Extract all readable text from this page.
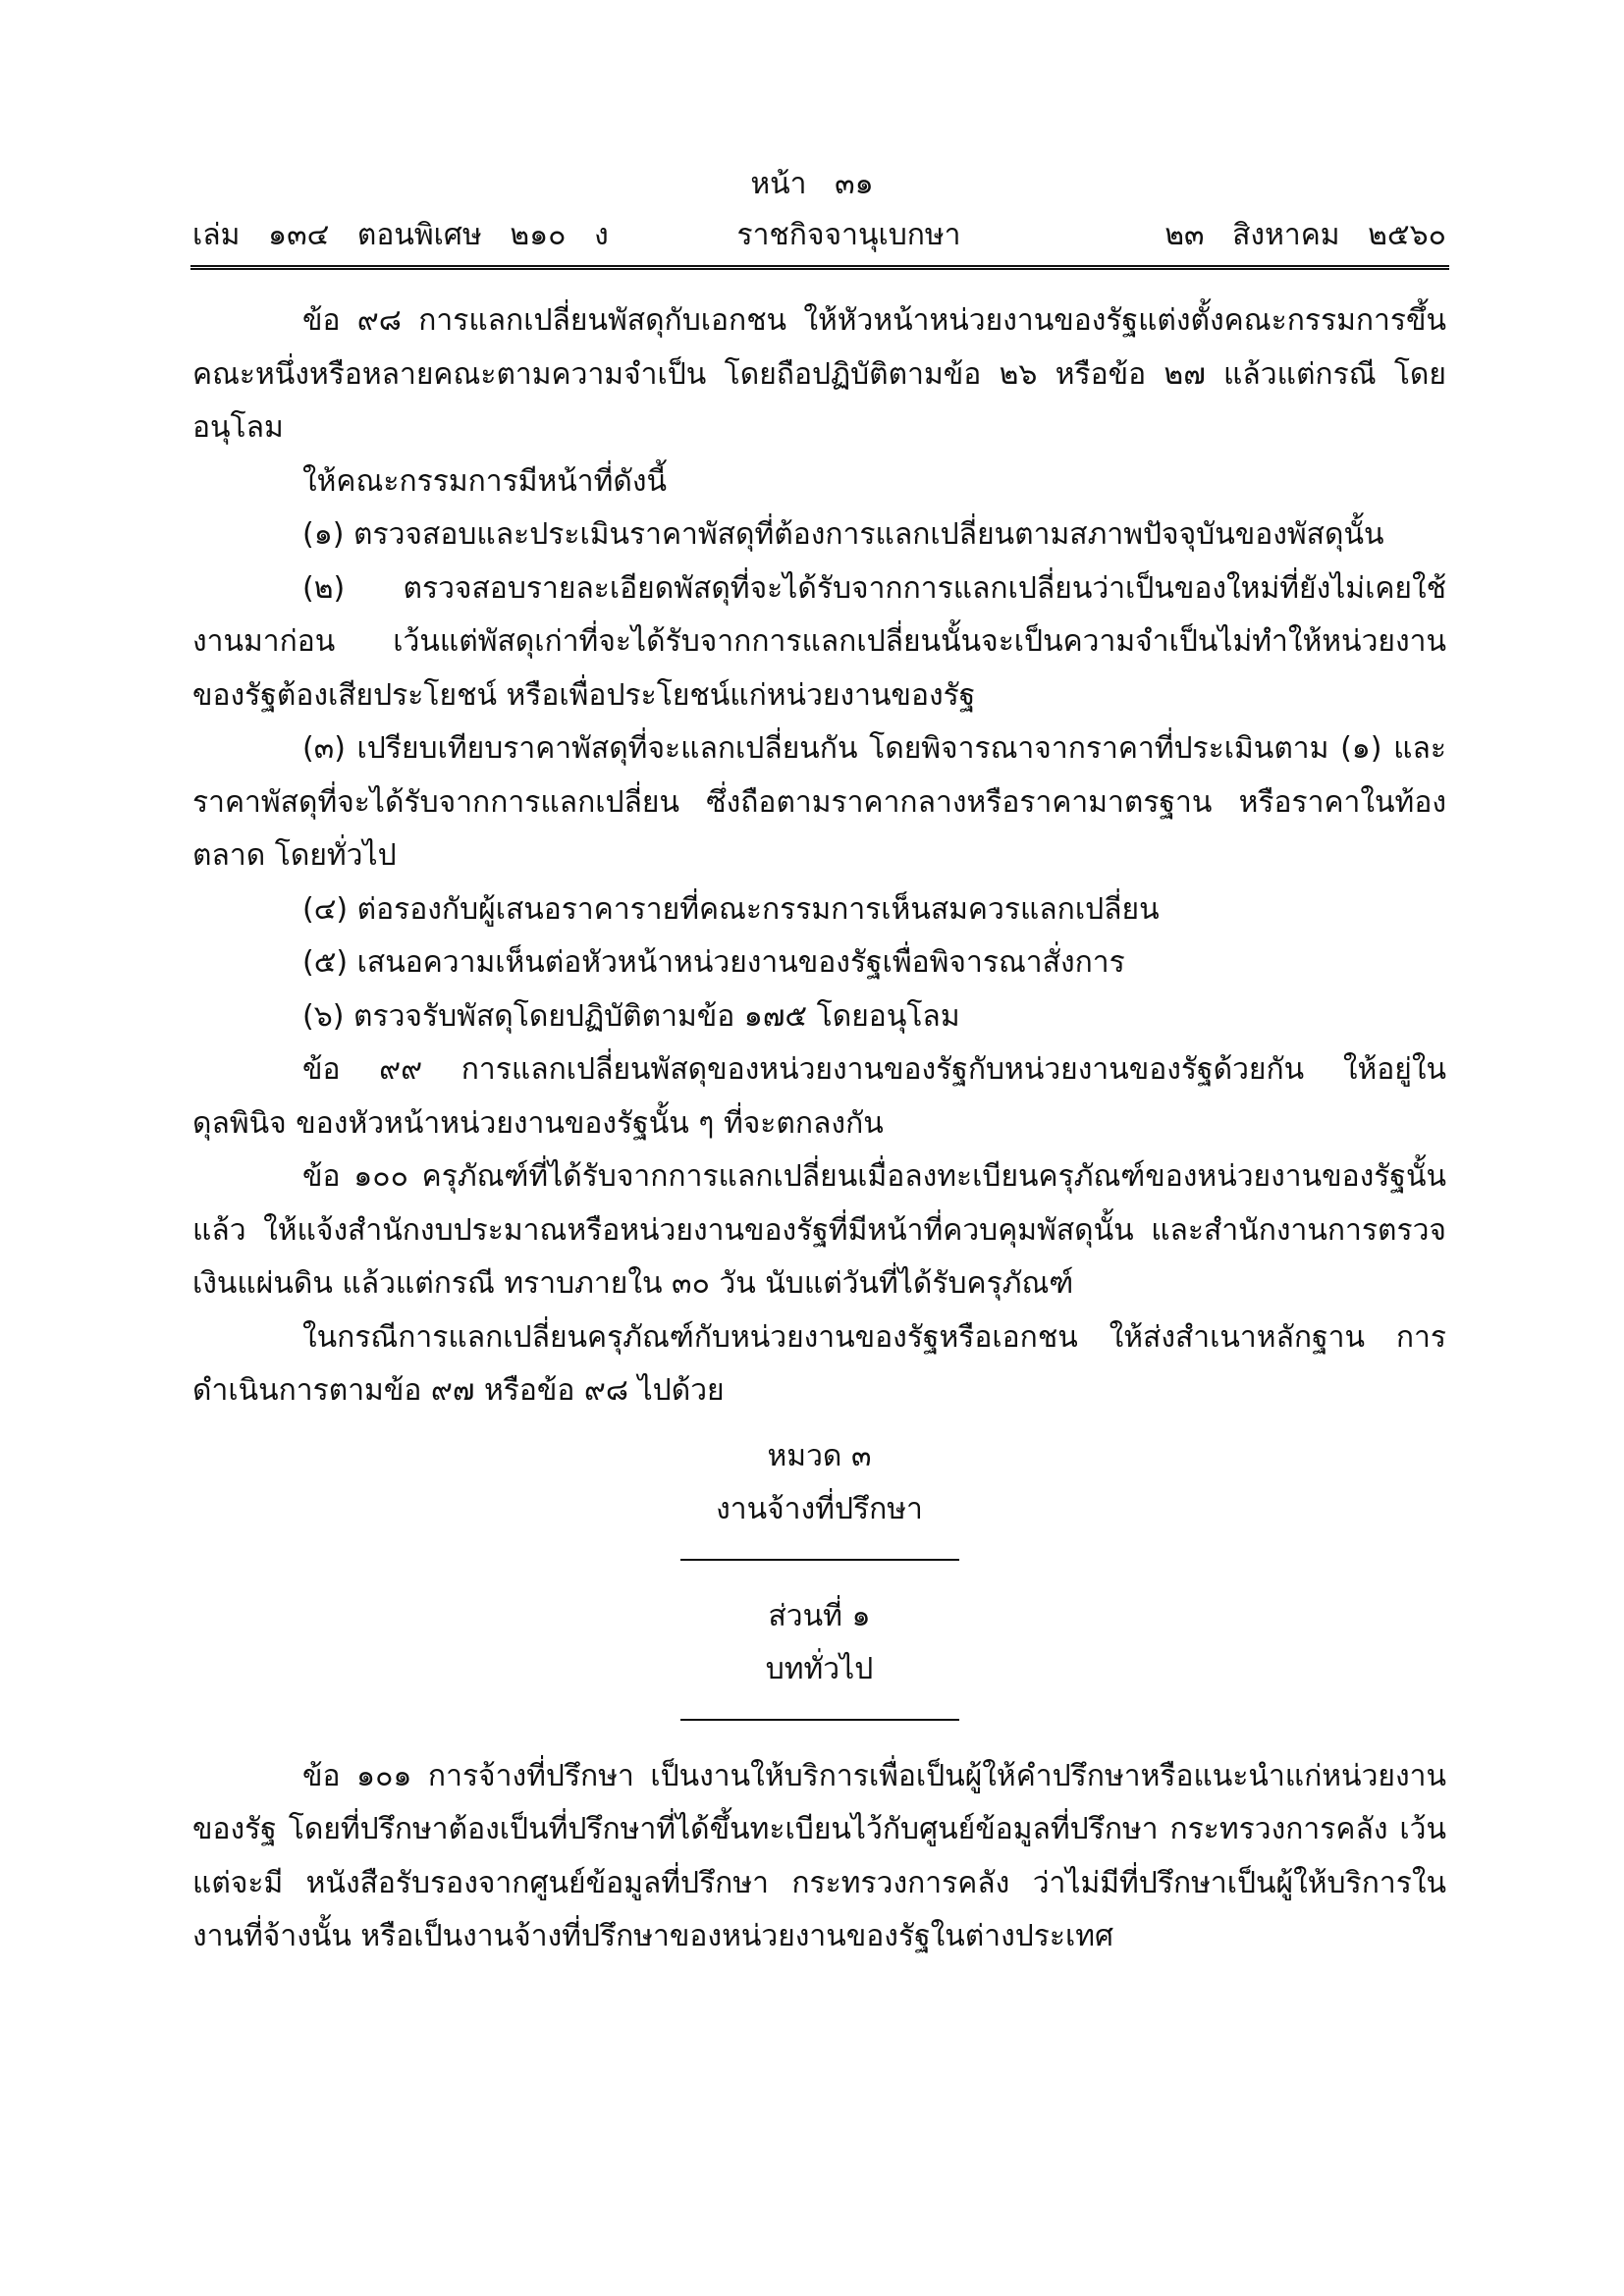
หน้า   ๓๑
เล่ม   ๑๓๔   ตอนพิเศษ   ๒๑๐   ง	ราชกิจจานุเบกษา	๒๓   สิงหาคม   ๒๕๖๐

ข้อ ๙๘ การแลกเปลี่ยนพัสดุกับเอกชน ให้หัวหน้าหน่วยงานของรัฐแต่งตั้งคณะกรรมการขึ้นคณะหนึ่งหรือหลายคณะตามความจำเป็น โดยถือปฏิบัติตามข้อ ๒๖ หรือข้อ ๒๗ แล้วแต่กรณี โดยอนุโลม

ให้คณะกรรมการมีหน้าที่ดังนี้

(๑) ตรวจสอบและประเมินราคาพัสดุที่ต้องการแลกเปลี่ยนตามสภาพปัจจุบันของพัสดุนั้น

(๒) ตรวจสอบรายละเอียดพัสดุที่จะได้รับจากการแลกเปลี่ยนว่าเป็นของใหม่ที่ยังไม่เคยใช้งานมาก่อน เว้นแต่พัสดุเก่าที่จะได้รับจากการแลกเปลี่ยนนั้นจะเป็นความจำเป็นไม่ทำให้หน่วยงานของรัฐต้องเสียประโยชน์ หรือเพื่อประโยชน์แก่หน่วยงานของรัฐ

(๓) เปรียบเทียบราคาพัสดุที่จะแลกเปลี่ยนกัน โดยพิจารณาจากราคาที่ประเมินตาม (๑) และราคาพัสดุที่จะได้รับจากการแลกเปลี่ยน ซึ่งถือตามราคากลางหรือราคามาตรฐาน หรือราคาในท้องตลาด โดยทั่วไป

(๔) ต่อรองกับผู้เสนอราคารายที่คณะกรรมการเห็นสมควรแลกเปลี่ยน

(๕) เสนอความเห็นต่อหัวหน้าหน่วยงานของรัฐเพื่อพิจารณาสั่งการ

(๖) ตรวจรับพัสดุโดยปฏิบัติตามข้อ ๑๗๕ โดยอนุโลม

ข้อ ๙๙ การแลกเปลี่ยนพัสดุของหน่วยงานของรัฐกับหน่วยงานของรัฐด้วยกัน ให้อยู่ในดุลพินิจ ของหัวหน้าหน่วยงานของรัฐนั้น ๆ ที่จะตกลงกัน

ข้อ ๑๐๐ ครุภัณฑ์ที่ได้รับจากการแลกเปลี่ยนเมื่อลงทะเบียนครุภัณฑ์ของหน่วยงานของรัฐนั้นแล้ว ให้แจ้งสำนักงบประมาณหรือหน่วยงานของรัฐที่มีหน้าที่ควบคุมพัสดุนั้น และสำนักงานการตรวจเงินแผ่นดิน แล้วแต่กรณี ทราบภายใน ๓๐ วัน นับแต่วันที่ได้รับครุภัณฑ์

ในกรณีการแลกเปลี่ยนครุภัณฑ์กับหน่วยงานของรัฐหรือเอกชน ให้ส่งสำเนาหลักฐาน การดำเนินการตามข้อ ๙๗ หรือข้อ ๙๘ ไปด้วย

หมวด ๓

งานจ้างที่ปรึกษา

ส่วนที่ ๑

บททั่วไป

ข้อ ๑๐๑ การจ้างที่ปรึกษา เป็นงานให้บริการเพื่อเป็นผู้ให้คำปรึกษาหรือแนะนำแก่หน่วยงานของรัฐ โดยที่ปรึกษาต้องเป็นที่ปรึกษาที่ได้ขึ้นทะเบียนไว้กับศูนย์ข้อมูลที่ปรึกษา กระทรวงการคลัง เว้นแต่จะมี หนังสือรับรองจากศูนย์ข้อมูลที่ปรึกษา กระทรวงการคลัง ว่าไม่มีที่ปรึกษาเป็นผู้ให้บริการในงานที่จ้างนั้น หรือเป็นงานจ้างที่ปรึกษาของหน่วยงานของรัฐในต่างประเทศ
